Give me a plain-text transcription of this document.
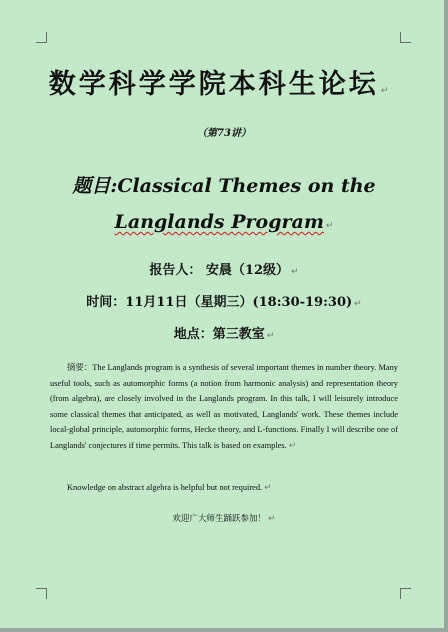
数学科学学院本科生论坛 ↵
（第73讲）
题目:Classical Themes on the
Langlands Program ↵
报告人： 安晨（12级） ↵
时间：11月11日（星期三）(18:30-19:30) ↵
地点：第三教室 ↵
摘要：The Langlands program is a synthesis of several important themes in number theory. Many useful tools, such as automorphic forms (a notion from harmonic analysis) and representation theory (from algebra), are closely involved in the Langlands program. In this talk, I will leisurely introduce some classical themes that anticipated, as well as motivated, Langlands' work. These themes include local-global principle, automorphic forms, Hecke theory, and L-functions. Finally I will describe one of Langlands' conjectures if time permits. This talk is based on examples. ↵
Knowledge on abstract algebra is helpful but not required. ↵
欢迎广大师生踊跃参加！ ↵
